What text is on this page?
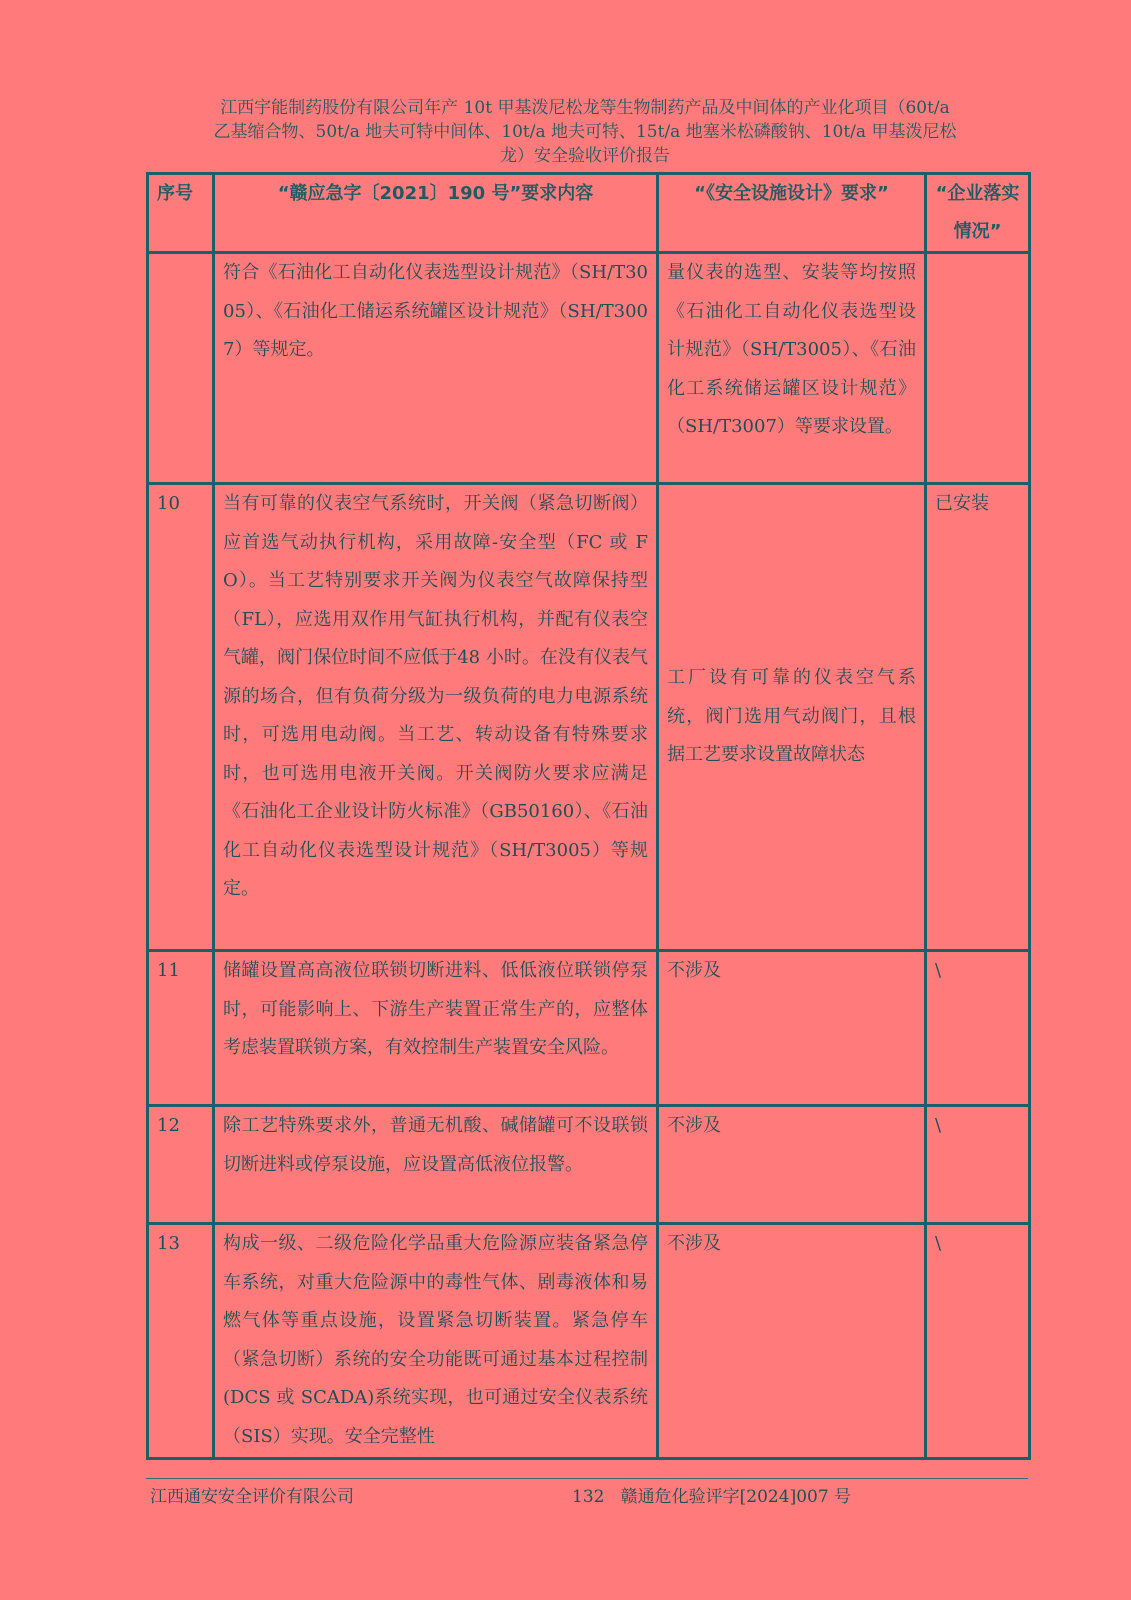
江西宇能制药股份有限公司年产 10t 甲基泼尼松龙等生物制药产品及中间体的产业化项目（60t/a
乙基缩合物、50t/a 地夫可特中间体、10t/a 地夫可特、15t/a 地塞米松磷酸钠、10t/a 甲基泼尼松
龙）安全验收评价报告
序号	“赣应急字〔2021〕190 号”要求内容	“《安全设施设计》要求”	“企业落实情况”
	符合《石油化工自动化仪表选型设计规范》（SH/T3005）、《石油化工储运系统罐区设计规范》（SH/T3007）等规定。	量仪表的选型、安装等均按照《石油化工自动化仪表选型设计规范》（SH/T3005）、《石油化工系统储运罐区设计规范》（SH/T3007）等要求设置。	
10	当有可靠的仪表空气系统时，开关阀（紧急切断阀）应首选气动执行机构，采用故障-安全型（FC 或 FO）。当工艺特别要求开关阀为仪表空气故障保持型（FL），应选用双作用气缸执行机构，并配有仪表空气罐，阀门保位时间不应低于48 小时。在没有仪表气源的场合，但有负荷分级为一级负荷的电力电源系统时，可选用电动阀。当工艺、转动设备有特殊要求时，也可选用电液开关阀。开关阀防火要求应满足《石油化工企业设计防火标准》（GB50160）、《石油化工自动化仪表选型设计规范》（SH/T3005）等规定。	工厂设有可靠的仪表空气系统，阀门选用气动阀门，且根据工艺要求设置故障状态	已安装
11	储罐设置高高液位联锁切断进料、低低液位联锁停泵时，可能影响上、下游生产装置正常生产的，应整体考虑装置联锁方案，有效控制生产装置安全风险。	不涉及	\
12	除工艺特殊要求外，普通无机酸、碱储罐可不设联锁切断进料或停泵设施，应设置高低液位报警。	不涉及	\
13	构成一级、二级危险化学品重大危险源应装备紧急停车系统，对重大危险源中的毒性气体、剧毒液体和易燃气体等重点设施，设置紧急切断装置。紧急停车（紧急切断）系统的安全功能既可通过基本过程控制(DCS 或 SCADA)系统实现，也可通过安全仪表系统（SIS）实现。安全完整性	不涉及	\
江西通安安全评价有限公司	132 赣通危化验评字[2024]007 号
